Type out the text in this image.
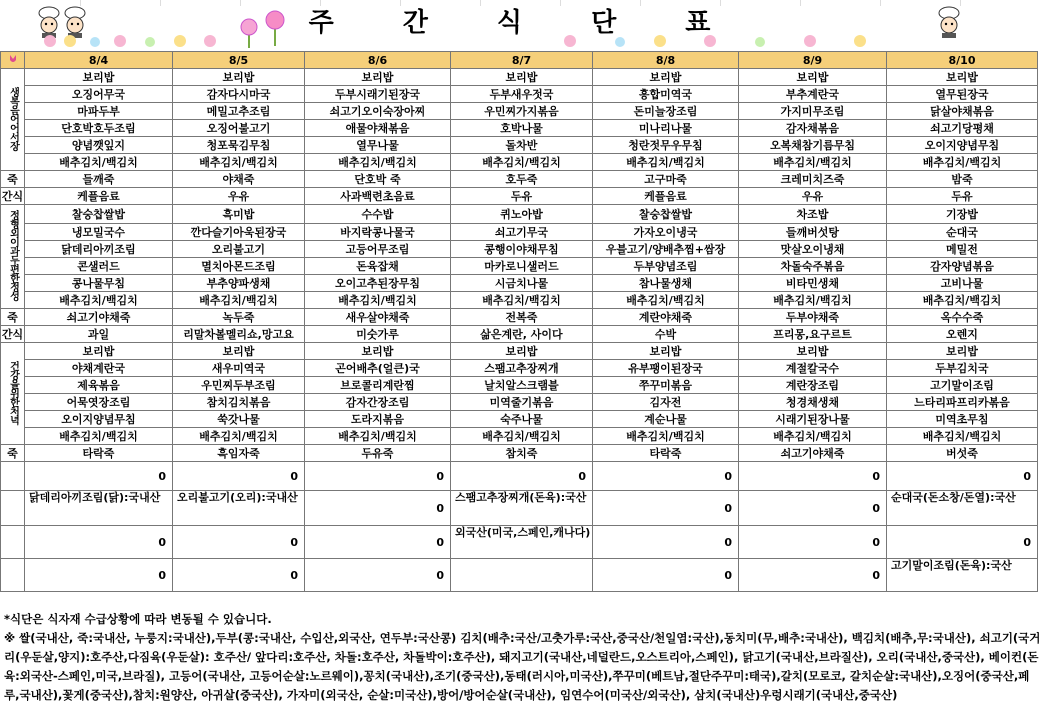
주 간 식 단 표
	8/4	8/5	8/6	8/7	8/8	8/9	8/10
생복음어어서장	보리밥	보리밥	보리밥	보리밥	보리밥	보리밥	보리밥
	오징어무국	감자다시마국	두부시래기된장국	두부새우젓국	흥합미역국	부추계란국	열무된장국
	마파두부	메밀고추조림	쇠고기오이숙장아찌	우민찌가지볶음	돈미늘장조림	가지미무조림	닭살야채볶음
	단호박호두조림	오징어불고기	애물야채볶음	호박나물	미나리나물	감자채볶음	쇠고기당평채
	양념깻잎지	청포묵김무침	열무나물	돌차반	청란젓무우무침	오복채참기름무침	오이지양념무침
	배추김치/백김치	배추김치/백김치	배추김치/백김치	배추김치/백김치	배추김치/백김치	배추김치/백김치	배추김치/백김치
죽	들깨죽	야채죽	단호박 죽	호두죽	고구마죽	크레미치즈죽	밤죽
간식	케플음료	우유	사과백련초음료	두유	케플음료	우유	두유
정형외이과두편한정성	찰숭찹쌀밥	흑미밥	수수밥	퀴노아밥	찰숭찹쌀밥	차조밥	기장밥
	냉모밀국수	깐다슬기아욱된장국	바지락콩나물국	쇠고기무국	가자오이냉국	들깨버섯탕	순대국
	닭데리아끼조림	오리불고기	고등어무조림	콩행이야채무침	우블고기/양배추찜+쌈장	맛살오이냉채	메밀전
	콘샐러드	멸치아몬드조림	돈육잡채	마카로니샐러드	두부양념조림	차돌숙주볶음	감자양념볶음
	콩나물무침	부추양파생채	오이고추된장무침	시금치나물	참나물생채	비타민생채	고비나물
	배추김치/백김치	배추김치/백김치	배추김치/백김치	배추김치/백김치	배추김치/백김치	배추김치/백김치	배추김치/백김치
죽	쇠고기야채죽	녹두죽	새우살야채죽	전복죽	계란야채죽	두부야채죽	옥수수죽
간식	과일	리말차볼멜리쇼,망고요	미숫가루	삶은계란, 사이다	수박	프리몽,요구르트	오렌지
건강을위한처녁	보리밥	보리밥	보리밥	보리밥	보리밥	보리밥	보리밥
	야채계란국	새우미역국	곤어배추(얼큰)국	스팸고추장찌개	유부팽이된장국	계절칼국수	두부김치국
	제육볶음	우민찌두부조림	브로콜리계란찜	날치알스크램블	쭈꾸미볶음	계란장조림	고기말이조림
	어묵엿장조림	참치김치볶음	감자간장조림	미역줄기볶음	김자전	청경채생채	느타리파프리카볶음
	오이지양념무침	쑥갓나물	도라지볶음	숙주나물	계순나물	시래기된장나물	미역초무침
	배추김치/백김치	배추김치/백김치	배추김치/백김치	배추김치/백김치	배추김치/백김치	배추김치/백김치	배추김치/백김치
죽	타락죽	흑임자죽	두유죽	참치죽	타락죽	쇠고기야채죽	버섯죽
	0	0	0	0	0	0	0
	닭데리아끼조림(닭):국내산	오리불고기(오리):국내산	0	스팸고추장찌개(돈육):국산	0	0	순대국(돈소창/돈열):국산
	0	0	0	외국산(미국,스페인,캐나다)	0	0	0
	0	0	0		0	0	고기말이조림(돈육):국산
*식단은 식자재 수급상황에 따라 변동될 수 있습니다.
※ 쌀(국내산, 죽:국내산, 누룽지:국내산),두부(콩:국내산, 수입산,외국산, 연두부:국산콩) 김치(배추:국산/고춧가루:국산,중국산/천일염:국산),동치미(무,배추:국내산), 백김치(배추,무:국내산), 쇠고기(국거리(우둔살,양지):호주산,다짐육(우둔살): 호주산/ 앞다리:호주산, 차돌:호주산, 차돌박이:호주산), 돼지고기(국내산,네덜란드,오스트리아,스페인), 닭고기(국내산,브라질산), 오리(국내산,중국산), 베이컨(돈육:외국산-스페인,미국,브라질), 고등어(국내산, 고등어순살:노르웨이),꽁치(국내산),조기(중국산),동태(러시아,미국산),쭈꾸미(베트남,절단주꾸미:태국),갈치(모로코, 갈치순살:국내산),오징어(중국산,페루,국내산),꽃게(중국산),참치:원양산, 아귀살(중국산), 가자미(외국산, 순살:미국산),방어/방어순살(국내산), 임연수어(미국산/외국산), 삼치(국내산)우렁시래기(국내산,중국산)
